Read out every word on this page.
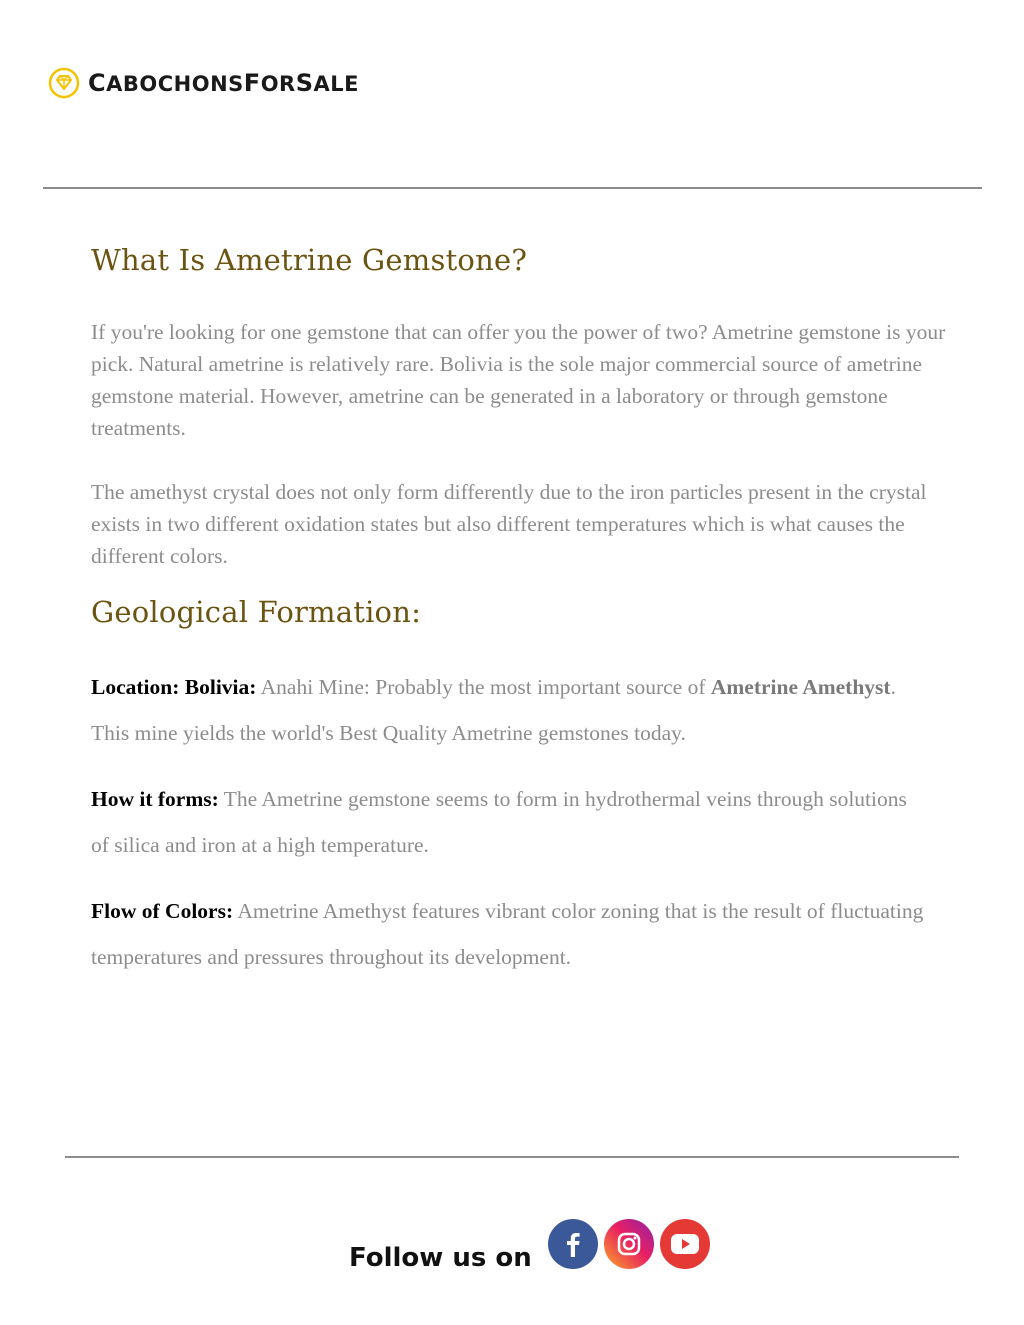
CABOCHONSFORSALE
What Is Ametrine Gemstone?

If you're looking for one gemstone that can offer you the power of two? Ametrine gemstone is your pick. Natural ametrine is relatively rare. Bolivia is the sole major commercial source of ametrine gemstone material. However, ametrine can be generated in a laboratory or through gemstone treatments.

The amethyst crystal does not only form differently due to the iron particles present in the crystal exists in two different oxidation states but also different temperatures which is what causes the different colors.

Geological Formation:

Location: Bolivia: Anahi Mine: Probably the most important source of Ametrine Amethyst.
This mine yields the world's Best Quality Ametrine gemstones today.

How it forms: The Ametrine gemstone seems to form in hydrothermal veins through solutions
of silica and iron at a high temperature.

Flow of Colors: Ametrine Amethyst features vibrant color zoning that is the result of fluctuating
temperatures and pressures throughout its development.

Follow us on
